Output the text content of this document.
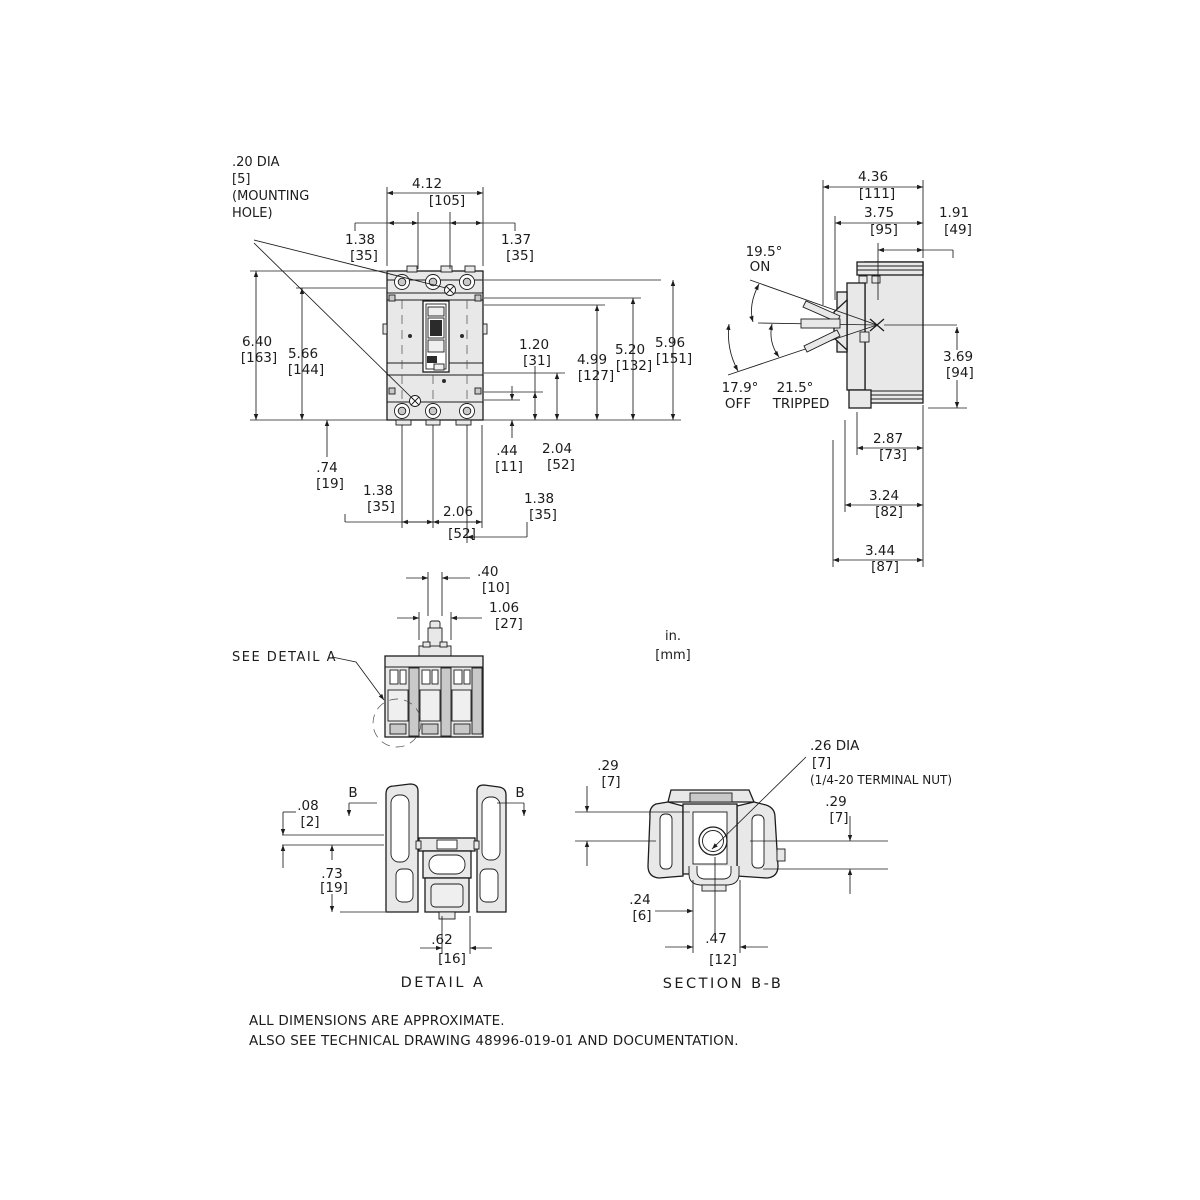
.20 DIA
[5]
(MOUNTING
HOLE)
4.12
[105]
1.38
[35]
1.37
[35]
6.40
[163] 5.66
[144]
.74
[19]
1.20
[31] 4.99
[127]
5.20
[132]
5.96
[151]
.44
[11]
2.04
[52]
1.38
[35]	2.06
[52]
1.38
[35]
4.36
[111]
3.75
[95]
1.91
[49]
19.5°
ON
17.9°
OFF
21.5°
TRIPPED
3.69
[94]
2.87
[73]
3.24
[82]
3.44
[87]
.40
[10]
1.06
[27]
SEE DETAIL A
in.
[mm]
B	B
.08
[2]
.73
[19]
.62
[16]
DETAIL A
.29
[7]
.26 DIA
[7]
(1/4-20 TERMINAL NUT)
.29
[7]
.24
[6]
.47
[12]
SECTION B-B
ALL DIMENSIONS ARE APPROXIMATE.
ALSO SEE TECHNICAL DRAWING 48996-019-01 AND DOCUMENTATION.
